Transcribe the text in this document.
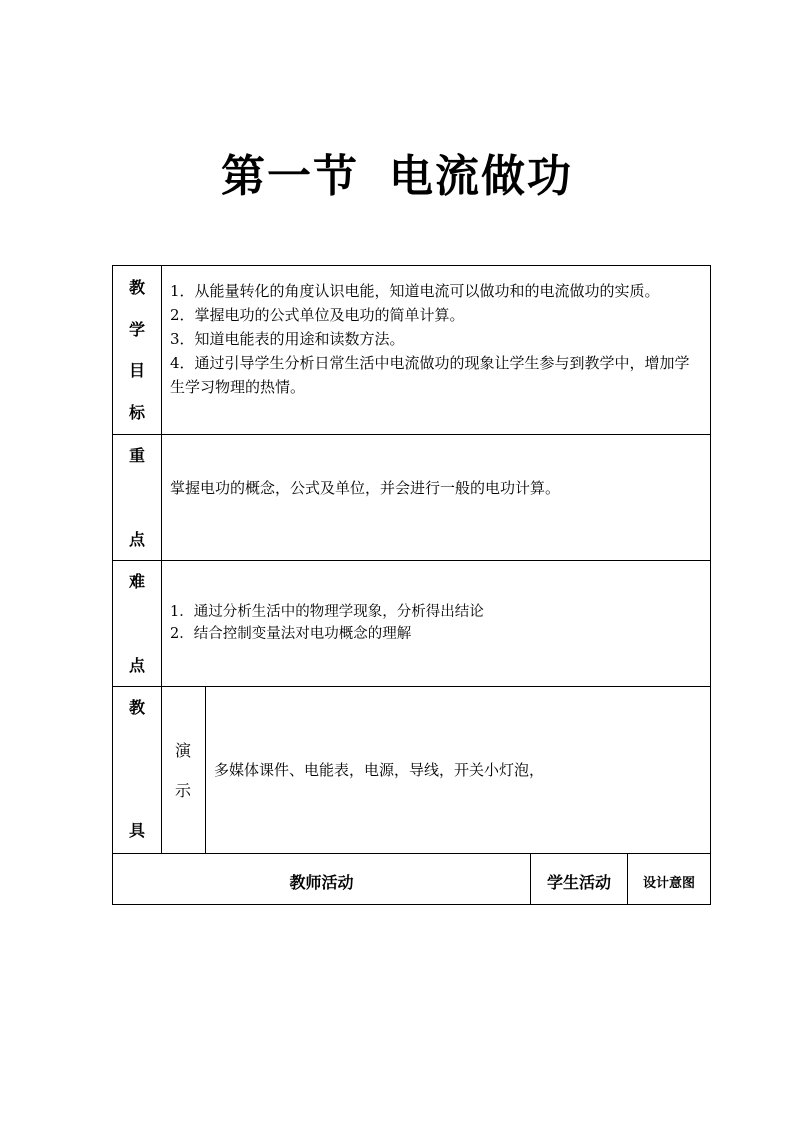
第一节 电流做功
教
学
目
标
1．从能量转化的角度认识电能，知道电流可以做功和的电流做功的实质。
2．掌握电功的公式单位及电功的简单计算。
3．知道电能表的用途和读数方法。
4．通过引导学生分析日常生活中电流做功的现象让学生参与到教学中，增加学生学习物理的热情。
重
点
掌握电功的概念，公式及单位，并会进行一般的电功计算。
难
点
1．通过分析生活中的物理学现象，分析得出结论
2．结合控制变量法对电功概念的理解
教
具
演
示
多媒体课件、电能表，电源，导线，开关小灯泡，
教师活动	学生活动	设计意图
